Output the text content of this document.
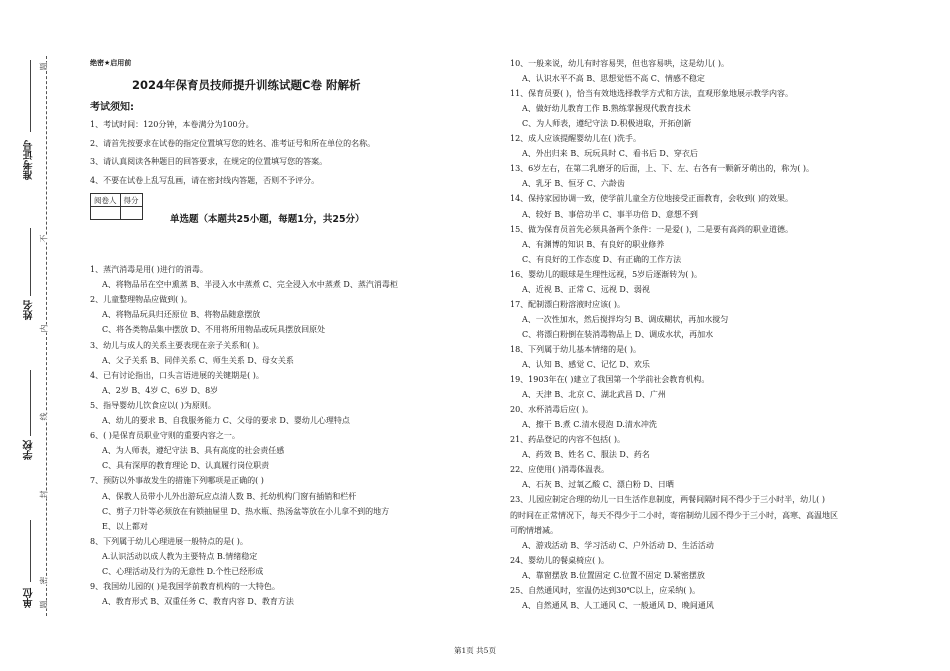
准考证号
姓名
学校
单位
题
不
内
线
封
密
题
绝密★启用前
2024年保育员技师提升训练试题C卷 附解析
考试须知:
1、考试时间：120分钟，本卷满分为100分。
2、请首先按要求在试卷的指定位置填写您的姓名、准考证号和所在单位的名称。
3、请认真阅读各种题目的回答要求，在规定的位置填写您的答案。
4、不要在试卷上乱写乱画，请在密封线内答题，否则不予评分。
阅卷人	得分

单选题（本题共25小题，每题1分，共25分）
1、蒸汽消毒是用( )进行的消毒。
A、将物品吊在空中熏蒸 B、半浸入水中蒸煮 C、完全浸入水中蒸煮 D、蒸汽消毒柜
2、儿童整理物品应做到( )。
A、将物品玩具归还原位 B、将物品随意摆放
C、将各类物品集中摆放 D、不用将所用物品或玩具摆放回原处
3、幼儿与成人的关系主要表现在亲子关系和( )。
A、父子关系 B、同伴关系 C、师生关系 D、母女关系
4、已有讨论指出，口头言语进展的关键期是( )。
A、2岁 B、4岁 C、6岁 D、8岁
5、指导婴幼儿饮食应以( )为原则。
A、幼儿的要求 B、自我服务能力 C、父母的要求 D、婴幼儿心理特点
6、( )是保育员职业守则的重要内容之一。
A、为人师表，遵纪守法 B、具有高度的社会责任感
C、具有深厚的教育理论 D、认真履行岗位职责
7、预防以外事故发生的措施下列哪项是正确的( )
A、保教人员带小儿外出游玩应点清人数 B、托幼机构门窗有插销和栏杆
C、剪子刀针等必须放在有锁抽屉里 D、热水瓶、热汤盆等放在小儿拿不到的地方
E、以上都对
8、下列属于幼儿心理进展一般特点的是( )。
A.认识活动以成人教为主要特点 B.情绪稳定
C、心理活动及行为的无意性 D.个性已经形成
9、我国幼儿园的( )是我国学前教育机构的一大特色。
A、教育形式 B、双重任务 C、教育内容 D、教育方法
10、一般来说，幼儿有时容易哭，但也容易哄，这是幼儿( )。
A、认识水平不高 B、思想觉悟不高 C、情感不稳定
11、保育员要( )，恰当有效地选择教学方式和方法，直观形象地展示教学内容。
A、做好幼儿教育工作 B.熟练掌握现代教育技术
C、为人师表，遵纪守法 D.积极进取，开拓创新
12、成人应该提醒婴幼儿在( )洗手。
A、外出归来 B、玩玩具时 C、看书后 D、穿衣后
13、6岁左右，在第二乳磨牙的后面，上、下、左、右各有一颗新牙萌出的，称为( )。
A、乳牙 B、恒牙 C、六龄齿
14、保持家园协调一致，使学前儿童全方位地接受正面教育，会收到( )的效果。
A、较好 B、事倍功半 C、事半功倍 D、意想不到
15、做为保育员首先必须具备两个条件：一是爱( )，二是要有高尚的职业道德。
A、有渊博的知识 B、有良好的职业修养
C、有良好的工作态度 D、有正确的工作方法
16、婴幼儿的眼球是生理性远视，5岁后逐渐转为( )。
A、近视 B、正常 C、远视 D、弱视
17、配制漂白粉溶液时应该( )。
A、一次性加水，然后搅拌均匀 B、调成糊状，再加水搅匀
C、将漂白粉倒在装消毒物品上 D、调成水状，再加水
18、下列属于幼儿基本情绪的是( )。
A、认知 B、感觉 C、记忆 D、欢乐
19、1903年在( )建立了我国第一个学前社会教育机构。
A、天津 B、北京 C、湖北武昌 D、广州
20、水杯消毒后应( )。
A、擦干 B.煮 C.清水侵泡 D.清水冲洗
21、药品登记的内容不包括( )。
A、药效 B、姓名 C、服法 D、药名
22、应使用( )消毒体温表。
A、石灰 B、过氧乙酸 C、漂白粉 D、日晒
23、儿园应制定合理的幼儿一日生活作息制度，两餐间隔时间不得少于三小时半，幼儿( )
的时间在正常情况下，每天不得少于二小时，寄宿制幼儿园不得少于三小时，高寒、高温地区
可酌情增减。
A、游戏活动 B、学习活动 C、户外活动 D、生活活动
24、婴幼儿的餐桌椅应( )。
A、靠窗摆放 B.位置固定 C.位置不固定 D.紧密摆放
25、自然通风时，室温仍达到30℃以上，应采纳( )。
A、自然通风 B、人工通风 C、一般通风 D、晚间通风
第1页 共5页
